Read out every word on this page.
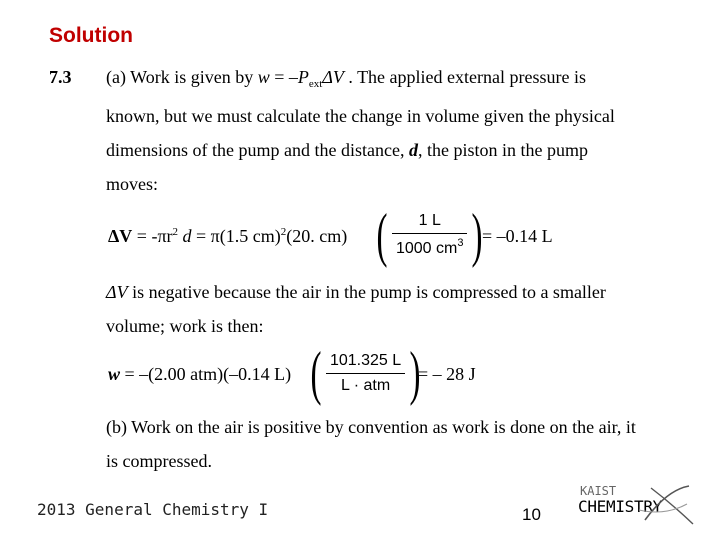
Solution
7.3 (a) Work is given by $w = -P_{ext}\Delta V$ . The applied external pressure is
known, but we must calculate the change in volume given the physical
dimensions of the pump and the distance, d, the piston in the pump
moves:
$\Delta V = -\pi r^2$ d = π(1.5 cm)$^2$(20. cm) ( $\frac{1 L}{1000 cm^3}$ ) = –0.14 L
ΔV is negative because the air in the pump is compressed to a smaller
volume; work is then:
w = –(2.00 atm)(–0.14 L) ( $\frac{101.325 L}{\text{L · atm}}$ )
= – 28 J
(b) Work on the air is positive by convention as work is done on the air, it
is compressed.
2013 General Chemistry I	10
KAIST
CHEMISTRY
